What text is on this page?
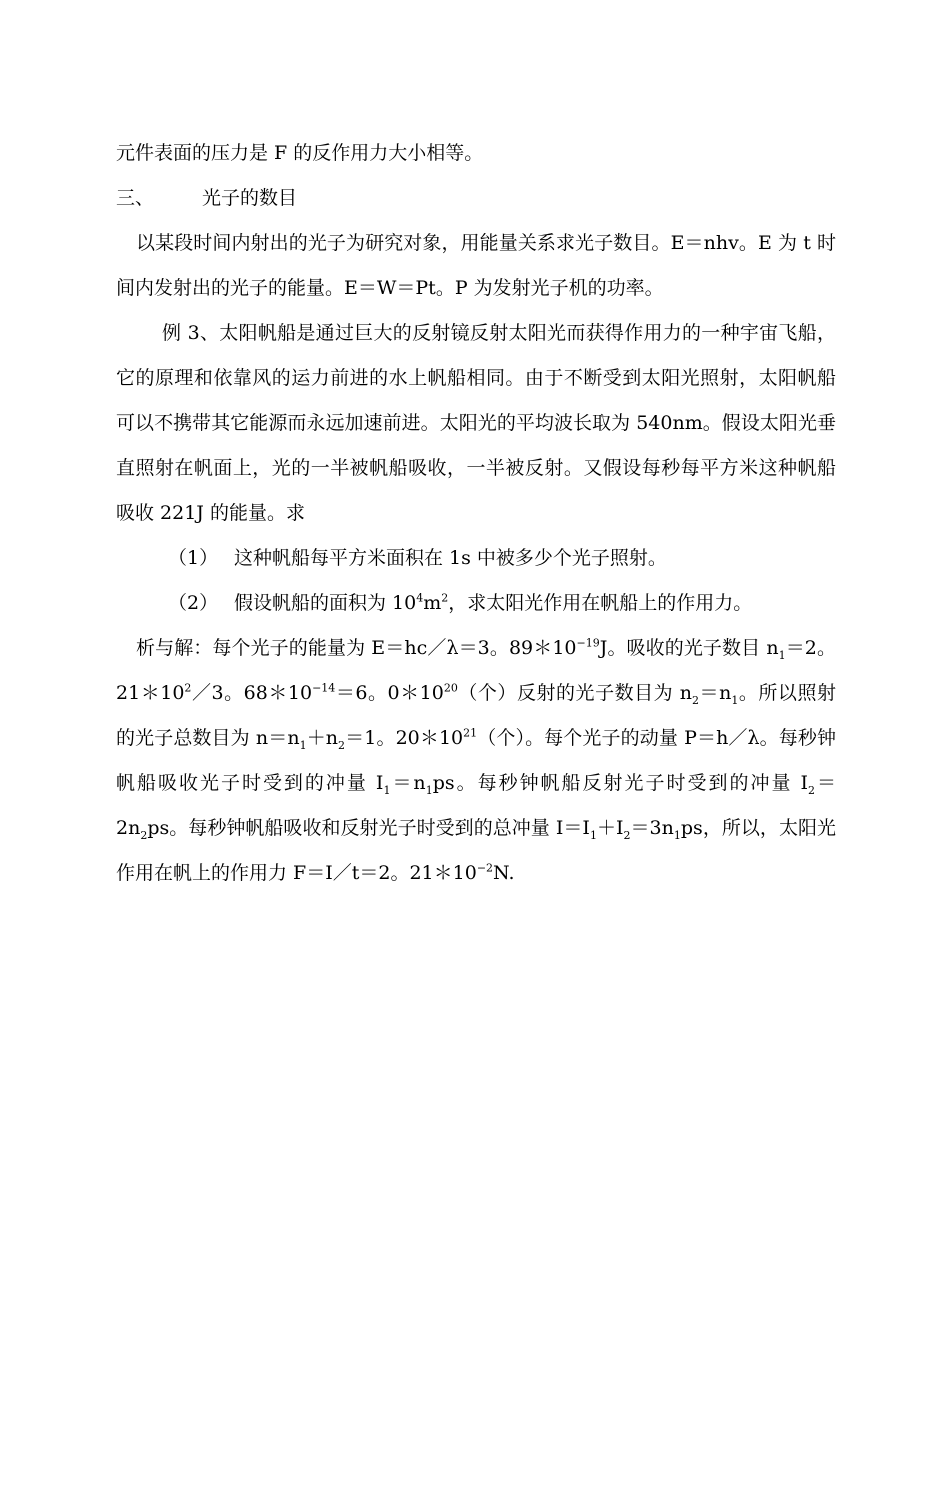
元件表面的压力是 F 的反作用力大小相等。

三、	光子的数目

以某段时间内射出的光子为研究对象，用能量关系求光子数目。E＝nhv。E 为 t 时间内发射出的光子的能量。E＝W＝Pt。P 为发射光子机的功率。

例 3、太阳帆船是通过巨大的反射镜反射太阳光而获得作用力的一种宇宙飞船，它的原理和依靠风的运力前进的水上帆船相同。由于不断受到太阳光照射，太阳帆船可以不携带其它能源而永远加速前进。太阳光的平均波长取为 540nm。假设太阳光垂直照射在帆面上，光的一半被帆船吸收，一半被反射。又假设每秒每平方米这种帆船吸收 221J 的能量。求

（1） 这种帆船每平方米面积在 1s 中被多少个光子照射。

（2） 假设帆船的面积为 $10^4m^2$，求太阳光作用在帆船上的作用力。

析与解：每个光子的能量为 E＝hc／λ＝3。$89*10^{-19}J$。吸收的光子数目 $n_1=2$。$21*10^2/3$。$68*10^{-14}=6$。$0*10^{20}$（个）反射的光子数目为 $n_2=n_1$。所以照射的光子总数目为 $n=n_1+n_2=1$。$20*10^{21}$（个）。每个光子的动量 P＝h／λ。每秒钟帆船吸收光子时受到的冲量 $I_1=n_1ps$。每秒钟帆船反射光子时受到的冲量 $I_2=2n_2ps$。每秒钟帆船吸收和反射光子时受到的总冲量 $I=I_1+I_2=3n_1ps$，所以，太阳光作用在帆上的作用力 F＝I／t＝2。$21*10^{-2}N$.
